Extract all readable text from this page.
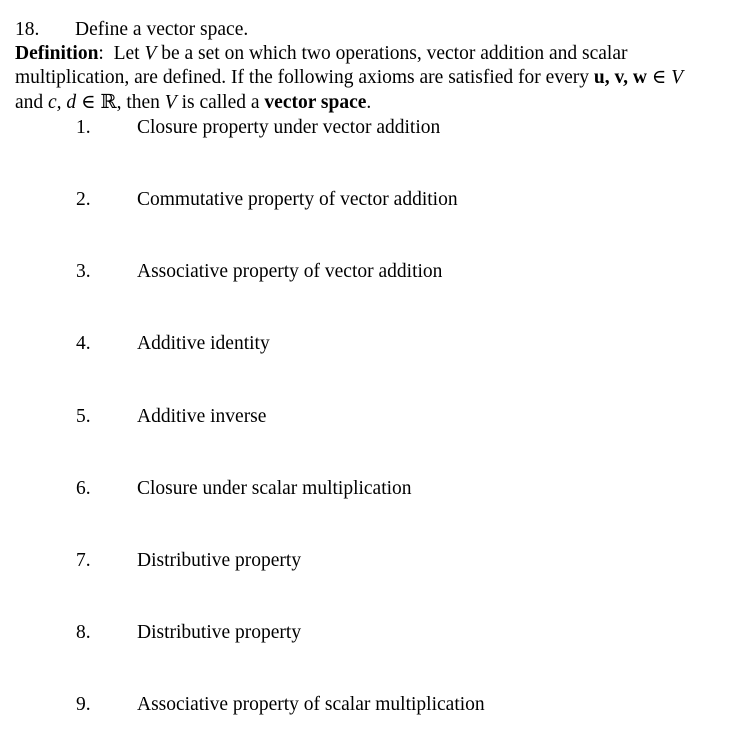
18. Define a vector space.
Definition: Let V be a set on which two operations, vector addition and scalar
multiplication, are defined. If the following axioms are satisfied for every u, v, w ∈ V
and c, d ∈ ℝ, then V is called a vector space.
1. Closure property under vector addition
2. Commutative property of vector addition
3. Associative property of vector addition
4. Additive identity
5. Additive inverse
6. Closure under scalar multiplication
7. Distributive property
8. Distributive property
9. Associative property of scalar multiplication
